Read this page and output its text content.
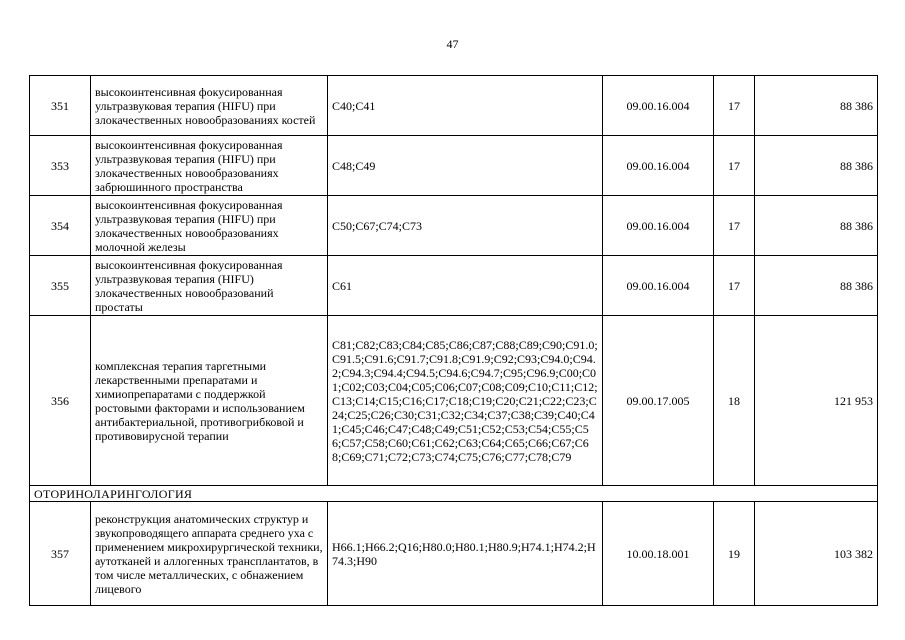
47
351	высокоинтенсивная фокусированная ультразвуковая терапия (HIFU) при злокачественных новообразованиях костей	C40;C41	09.00.16.004	17	88 386
353	высокоинтенсивная фокусированная ультразвуковая терапия (HIFU) при злокачественных новообразованиях забрюшинного пространства	C48;C49	09.00.16.004	17	88 386
354	высокоинтенсивная фокусированная ультразвуковая терапия (HIFU) при злокачественных новообразованиях молочной железы	C50;C67;C74;C73	09.00.16.004	17	88 386
355	высокоинтенсивная фокусированная ультразвуковая терапия (HIFU) злокачественных новообразований простаты	C61	09.00.16.004	17	88 386
356	комплексная терапия таргетными лекарственными препаратами и химиопрепаратами с поддержкой ростовыми факторами и использованием антибактериальной, противогрибковой и противовирусной терапии	C81;C82;C83;C84;C85;C86;C87;C88;C89;C90;C91.0;C91.5;C91.6;C91.7;C91.8;C91.9;C92;C93;C94.0;C94.2;C94.3;C94.4;C94.5;C94.6;C94.7;C95;C96.9;C00;C01;C02;C03;C04;C05;C06;C07;C08;C09;C10;C11;C12;C13;C14;C15;C16;C17;C18;C19;C20;C21;C22;C23;C24;C25;C26;C30;C31;C32;C34;C37;C38;C39;C40;C41;C45;C46;C47;C48;C49;C51;C52;C53;C54;C55;C56;C57;C58;C60;C61;C62;C63;C64;C65;C66;C67;C68;C69;C71;C72;C73;C74;C75;C76;C77;C78;C79	09.00.17.005	18	121 953
ОТОРИНОЛАРИНГОЛОГИЯ					
357	реконструкция анатомических структур и звукопроводящего аппарата среднего уха с применением микрохирургической техники, аутотканей и аллогенных трансплантатов, в том числе металлических, с обнажением лицевого	H66.1;H66.2;Q16;H80.0;H80.1;H80.9;H74.1;H74.2;H74.3;H90	10.00.18.001	19	103 382
